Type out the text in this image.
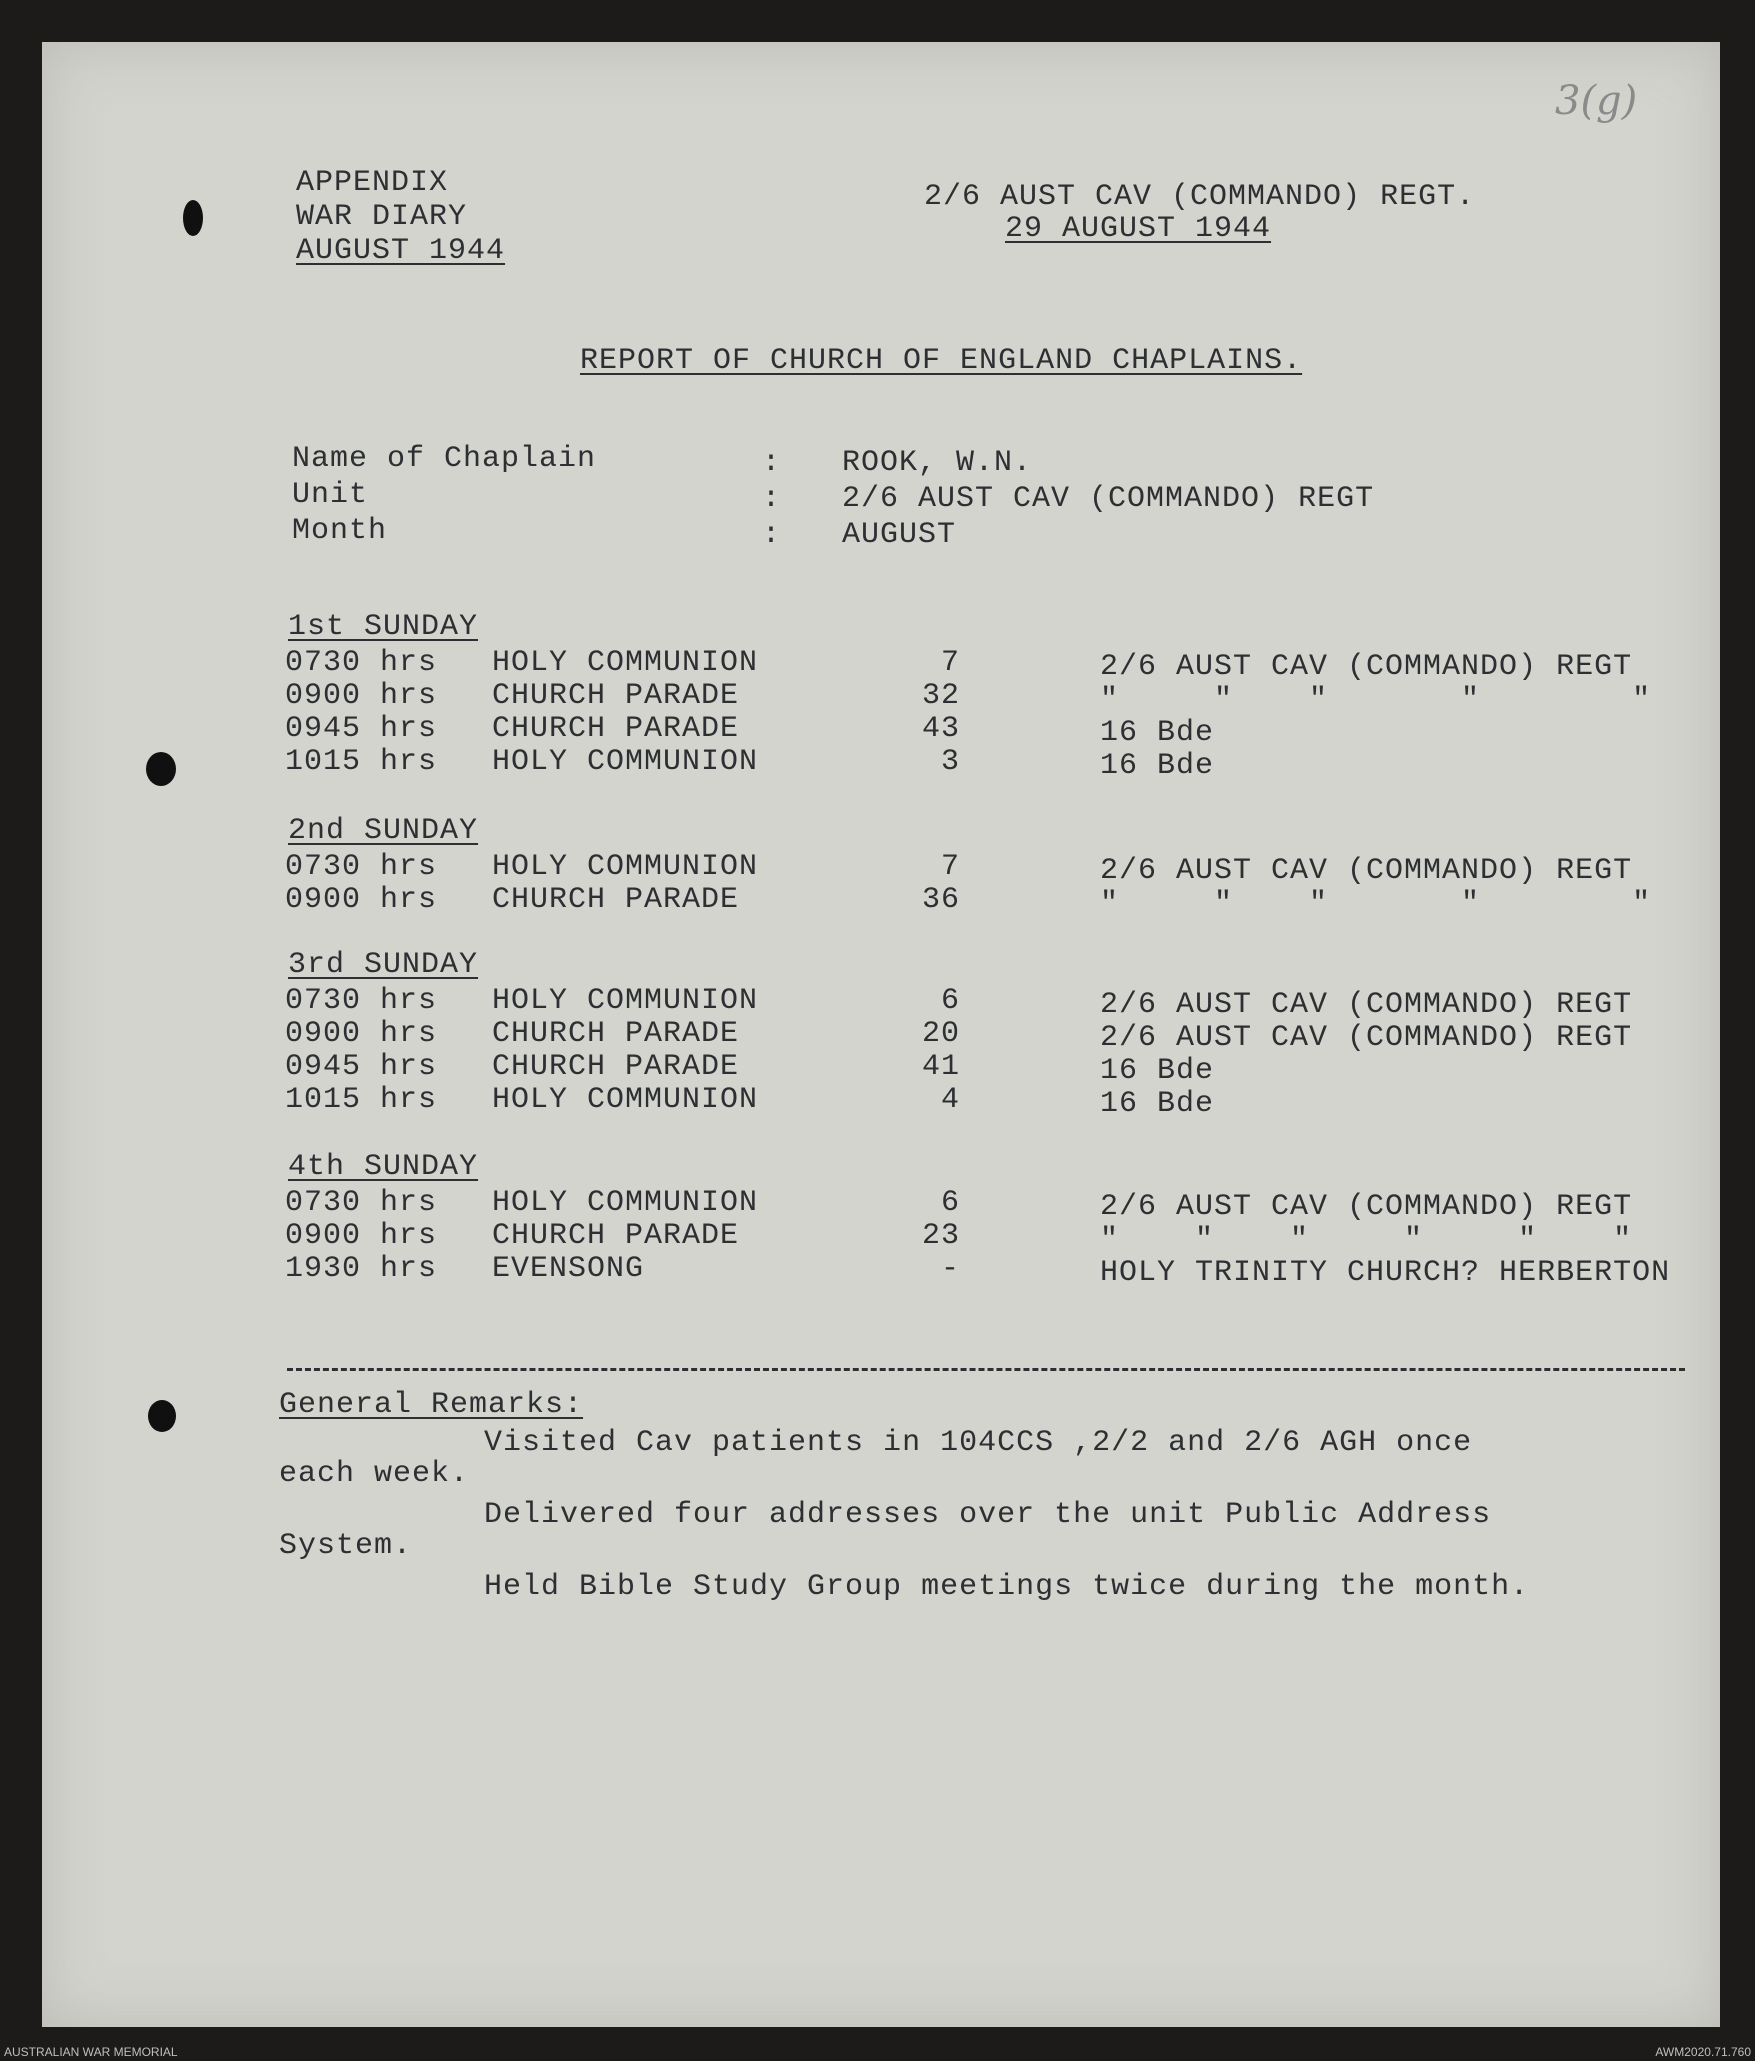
3(g)
APPENDIX
WAR DIARY
AUGUST 1944
2/6 AUST CAV (COMMANDO) REGT.
29 AUGUST 1944
REPORT OF CHURCH OF ENGLAND CHAPLAINS.
Name of Chaplain	: ROOK, W.N.
Unit	: 2/6 AUST CAV (COMMANDO) REGT
Month	: AUGUST
1st SUNDAY
0730 hrs HOLY COMMUNION	7	2/6 AUST CAV (COMMANDO) REGT
0900 hrs CHURCH PARADE	32	"     "    "       "        "
0945 hrs CHURCH PARADE	43	16 Bde
1015 hrs HOLY COMMUNION	3	16 Bde
2nd SUNDAY
0730 hrs HOLY COMMUNION	7	2/6 AUST CAV (COMMANDO) REGT
0900 hrs CHURCH PARADE	36	"     "    "       "        "
3rd SUNDAY
0730 hrs HOLY COMMUNION	6	2/6 AUST CAV (COMMANDO) REGT
0900 hrs CHURCH PARADE	20	2/6 AUST CAV (COMMANDO) REGT
0945 hrs CHURCH PARADE	41	16 Bde
1015 hrs HOLY COMMUNION	4	16 Bde
4th SUNDAY
0730 hrs HOLY COMMUNION	6	2/6 AUST CAV (COMMANDO) REGT
0900 hrs CHURCH PARADE	23	"    "    "     "     "    "
1930 hrs EVENSONG	-	HOLY TRINITY CHURCH? HERBERTON
General Remarks:
Visited Cav patients in 104CCS ,2/2 and 2/6 AGH once
each week.
Delivered four addresses over the unit Public Address
System.
Held Bible Study Group meetings twice during the month.
AUSTRALIAN WAR MEMORIAL	AWM2020.71.760
